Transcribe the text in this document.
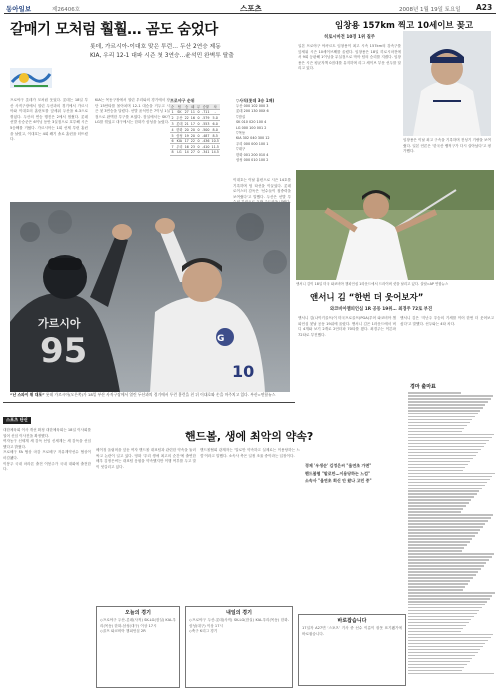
동아일보	제26406호	스포츠	2008년 1월 19일 토요일 A23
갈매기 모처럼 훨훨… 곰도 숨었다
롯데, 가르시아-이대호 맞은 투런… 두산 2연승 제동
KIA, 우리 12-1 대파 시즌 첫 3연승…윤석민 완벽투 탈출
프로야구 롯데가 모처럼 웃었다. 롯데는 18일 부산 사직구장에서 열린 두산과의 경기에서 가르시아와 이대호의 홈런포를 앞세워 두산을 6-3으로 꺾었다. 두산의 연승 행진은 2에서 멈췄다. 롯데 선발 송승준은 6이닝 동안 3실점으로 호투해 시즌 5승째를 거뒀다. 가르시아는 1회 선제 투런 홈런을 날렸고, 이대호는 4회 쐐기 솔로 홈런을 터뜨렸다.
KIA는 목동구장에서 열린 우리와의 경기에서 장단 15안타를 몰아치며 12-1 대승을 거두고 시즌 첫 3연승을 달렸다. 선발 윤석민은 7이닝 1실점으로 완벽한 투구를 보였다. 잠실에서는 SK가 LG를 꺾었고 대구에서는 한화가 삼성을 눌렀다.
프로야구 순위
순	팀	승	패	무	승률	차
1	SK	27	11	0	.711	-
2	두산	22	16	0	.579	5.0
3	롯데	21	17	0	.553	6.0
4	한화	20	20	0	.500	8.0
5	삼성	19	20	0	.487	8.5
6	KIA	17	22	0	.436	10.5
7	우리	16	23	0	.410	11.5
8	LG	14	27	0	.341	14.5
이대호는 이날 홈런으로 시즌 14호를 기록하며 팀 타선을 이끌었다. 롯데 로이스터 감독은 '선수들이 집중력을 보여줬다'고 말했다. 두산은 선발 투
▽사직(롯데 3승 1패)
두산 000 102 000 3
롯데 200 130 00X 6
▽잠실
SK 010 020 100 4
LG 000 100 001 2
▽목동
KIA 302 040 300 12
우리 000 000 100 1
▽대구
한화 001 200 010 4
삼성 000 010 100 2
95
가르시아
G
10
“난 스파이 뷔 대포” 롯데 가르시아(오른쪽)가 18일 부산 사직구장에서 열린 두산과의 경기에서 투런 홈런을 친 뒤 이대호와 손을 마주치고 있다. 부산=연합뉴스
임창용 157km 찍고 10세이브 꽂고
히로시마전 10경 1위 질주
일본 프로야구 야쿠르트 임창용이 최고 시속 157km의 강속구를 앞세워 시즌 10세이브째를 올렸다. 임창용은 18일 히로시마전에서 9회 등판해 1이닝을 무실점으로 막아 팀의 승리를 지켰다. 임창용은 시즌 평균자책 0점대를 유지하며 리그 세이브 부문 선두를 달리고 있다.
임창용은 이날 최고 구속을 기록하며 전성기 기량을 보여줬다. 일본 언론은 '한국산 뱀직구가 다시 살아났다'고 평가했다.
앤서니 김이 18일 미국 와코비아 챔피언십 1라운드에서 드라이버 샷을 날리고 있다. 샬럿=AP 연합뉴스
앤서니 김 “한번 더 웃어보자”
와코비아챔피언십 1R 공동 19위… 최경주 72로 부진
앤서니 김(나이키골프)이 미국프로골프(PGA)투어 와코비아 챔피언십 첫날 공동 19위에 올랐다. 앤서니 김은 1라운드에서 버디 4개와 보기 2개로 2언더파 70타를 쳤다. 최경주는 이븐파 72타로 부진했다.
앤서니 김은 '지난주 우승의 기세를 이어 한번 더 웃어보고 싶다'고 말했다. 선두와는 4타 차다.
스포츠 단신
대한체육회 이사 개선 확정 대한체육회는 18일 이사회를 열어 신임 이사진을 확정했다.
여자농구 신세계 새 감독 선임 신세계는 새 감독을 선임했다고 밝혔다.
프로배구 FA 협상 마감 프로배구 자유계약선수 협상이 마감됐다.
이봉주 국내 마라톤 출전 이봉주가 국내 대회에 출전한다.
핸드볼, 생에 최악의 약속?
베이징 올림픽을 앞둔 여자 핸드볼 대표팀과 관련한 약속을 둘러싸고 논란이 일고 있다. 영화 '우리 생애 최고의 순간'에 출연한 배우 김정은씨는 대표팀 응원을 약속했지만 이행 여부를 두고 말이 엇갈리고 있다.
핸드볼협회 관계자는 '말로만 약속하고 실제로는 이용당하는 느낌'이라고 말했다. 소속사 측은 일정 조율 중이라는 입장이다.
경제 '우생순' 김정은씨 "올연초 가면"
핸드볼협 "말로만…이용당하는 느낌"
소속사 "올연초 회신 안 왔나 고민 중"
오늘의 경기
◇프로야구 두산-롯데(사직) SK-LG(잠실) KIA-우리(목동) 한화-삼성(대구) 이상 17시
◇골프 와코비아 챔피언십 2R
내일의 경기
◇프로야구 두산-롯데(사직) SK-LG(잠실) KIA-우리(목동) 한화-삼성(대구) 이상 17시
◇축구 K리그 경기
바로잡습니다
17일자 A27면 ‘스포츠’ 기사 중 선수 이름이 잘못 표기됐기에 바로잡습니다.
경마 출마표
